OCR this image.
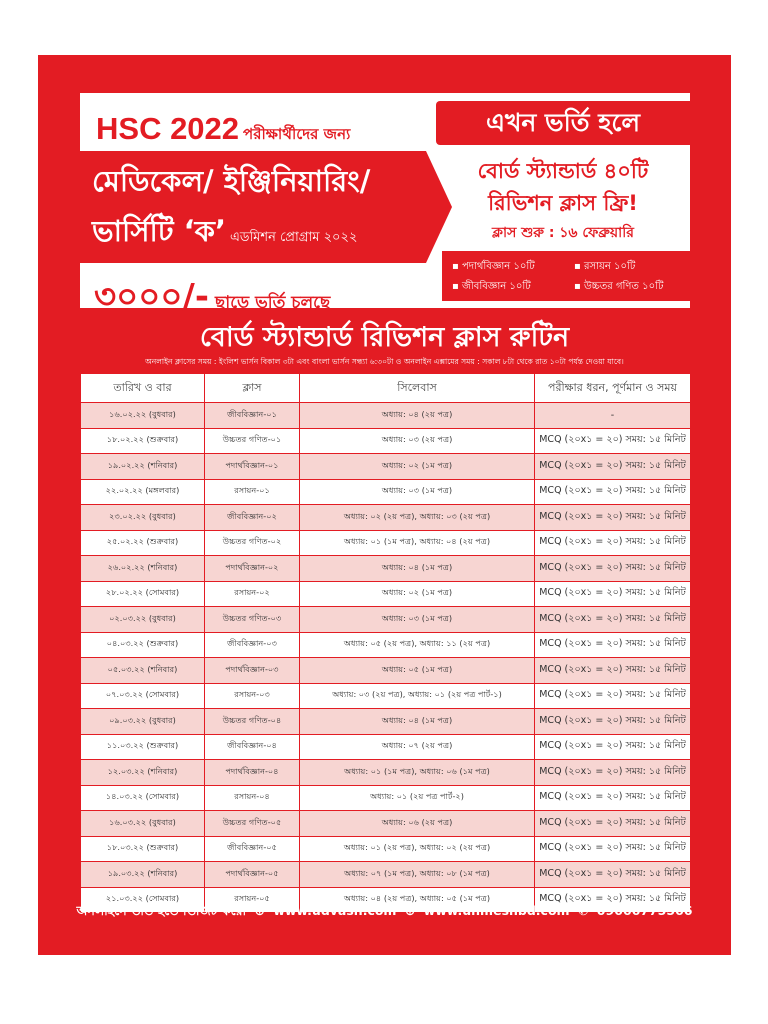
HSC 2022 পরীক্ষার্থীদের জন্য
মেডিকেল/ ইঞ্জিনিয়ারিং/
ভার্সিটি ‘ক’ এডমিশন প্রোগ্রাম ২০২২
৩০০০/- ছাড়ে ভর্তি চলছে
এখন ভর্তি হলে
বোর্ড স্ট্যান্ডার্ড ৪০টি
রিভিশন ক্লাস ফ্রি!
ক্লাস শুরু : ১৬ ফেব্রুয়ারি
▪ পদার্থবিজ্ঞান ১০টি	▪ রসায়ন ১০টি
▪ জীববিজ্ঞান ১০টি	▪ উচ্চতর গণিত ১০টি
বোর্ড স্ট্যান্ডার্ড রিভিশন ক্লাস রুটিন
অনলাইন ক্লাসের সময় : ইংলিশ ভার্সন বিকাল ৩টা এবং বাংলা ভার্সন সন্ধ্যা ৬:৩০টা ও অনলাইন এক্সামের সময় : সকাল ৮টা থেকে রাত ১০টা পর্যন্ত দেওয়া যাবে।
তারিখ ও বার	ক্লাস	সিলেবাস	পরীক্ষার ধরন, পূর্ণমান ও সময়
১৬.০২.২২ (বুধবার)	জীববিজ্ঞান-০১	অধ্যায়: ০৪ (২য় পত্র)	-
১৮.০২.২২ (শুক্রবার)	উচ্চতর গণিত-০১	অধ্যায়: ০৩ (২য় পত্র)	MCQ (২০x১ = ২০) সময়: ১৫ মিনিট
১৯.০২.২২ (শনিবার)	পদার্থবিজ্ঞান-০১	অধ্যায়: ০২ (১ম পত্র)	MCQ (২০x১ = ২০) সময়: ১৫ মিনিট
২২.০২.২২ (মঙ্গলবার)	রসায়ন-০১	অধ্যায়: ০৩ (১ম পত্র)	MCQ (২০x১ = ২০) সময়: ১৫ মিনিট
২৩.০২.২২ (বুধবার)	জীববিজ্ঞান-০২	অধ্যায়: ০২ (২য় পত্র), অধ্যায়: ০৩ (২য় পত্র)	MCQ (২০x১ = ২০) সময়: ১৫ মিনিট
২৫.০২.২২ (শুক্রবার)	উচ্চতর গণিত-০২	অধ্যায়: ০১ (১ম পত্র), অধ্যায়: ০৪ (২য় পত্র)	MCQ (২০x১ = ২০) সময়: ১৫ মিনিট
২৬.০২.২২ (শনিবার)	পদার্থবিজ্ঞান-০২	অধ্যায়: ০৪ (১ম পত্র)	MCQ (২০x১ = ২০) সময়: ১৫ মিনিট
২৮.০২.২২ (সোমবার)	রসায়ন-০২	অধ্যায়: ০২ (১ম পত্র)	MCQ (২০x১ = ২০) সময়: ১৫ মিনিট
০২.০৩.২২ (বুধবার)	উচ্চতর গণিত-০৩	অধ্যায়: ০৩ (১ম পত্র)	MCQ (২০x১ = ২০) সময়: ১৫ মিনিট
০৪.০৩.২২ (শুক্রবার)	জীববিজ্ঞান-০৩	অধ্যায়: ০৫ (২য় পত্র), অধ্যায়: ১১ (২য় পত্র)	MCQ (২০x১ = ২০) সময়: ১৫ মিনিট
০৫.০৩.২২ (শনিবার)	পদার্থবিজ্ঞান-০৩	অধ্যায়: ০৫ (১ম পত্র)	MCQ (২০x১ = ২০) সময়: ১৫ মিনিট
০৭.০৩.২২ (সোমবার)	রসায়ন-০৩	অধ্যায়: ০৩ (২য় পত্র), অধ্যায়: ০১ (২য় পত্র পার্ট-১)	MCQ (২০x১ = ২০) সময়: ১৫ মিনিট
০৯.০৩.২২ (বুধবার)	উচ্চতর গণিত-০৪	অধ্যায়: ০৪ (১ম পত্র)	MCQ (২০x১ = ২০) সময়: ১৫ মিনিট
১১.০৩.২২ (শুক্রবার)	জীববিজ্ঞান-০৪	অধ্যায়: ০৭ (২য় পত্র)	MCQ (২০x১ = ২০) সময়: ১৫ মিনিট
১২.০৩.২২ (শনিবার)	পদার্থবিজ্ঞান-০৪	অধ্যায়: ০১ (১ম পত্র), অধ্যায়: ০৬ (১ম পত্র)	MCQ (২০x১ = ২০) সময়: ১৫ মিনিট
১৪.০৩.২২ (সোমবার)	রসায়ন-০৪	অধ্যায়: ০১ (২য় পত্র পার্ট-২)	MCQ (২০x১ = ২০) সময়: ১৫ মিনিট
১৬.০৩.২২ (বুধবার)	উচ্চতর গণিত-০৫	অধ্যায়: ০৬ (২য় পত্র)	MCQ (২০x১ = ২০) সময়: ১৫ মিনিট
১৮.০৩.২২ (শুক্রবার)	জীববিজ্ঞান-০৫	অধ্যায়: ০১ (২য় পত্র), অধ্যায়: ০২ (২য় পত্র)	MCQ (২০x১ = ২০) সময়: ১৫ মিনিট
১৯.০৩.২২ (শনিবার)	পদার্থবিজ্ঞান-০৫	অধ্যায়: ০৭ (১ম পত্র), অধ্যায়: ০৮ (১ম পত্র)	MCQ (২০x১ = ২০) সময়: ১৫ মিনিট
২১.০৩.২২ (সোমবার)	রসায়ন-০৫	অধ্যায়: ০৪ (২য় পত্র), অধ্যায়: ০৫ (১ম পত্র)	MCQ (২০x১ = ২০) সময়: ১৫ মিনিট
অনলাইনে ভর্তি হতে ভিজিট করো ⊕ www.udvash.com ⊕ www.unmeshbd.com ✆ 09666775566
